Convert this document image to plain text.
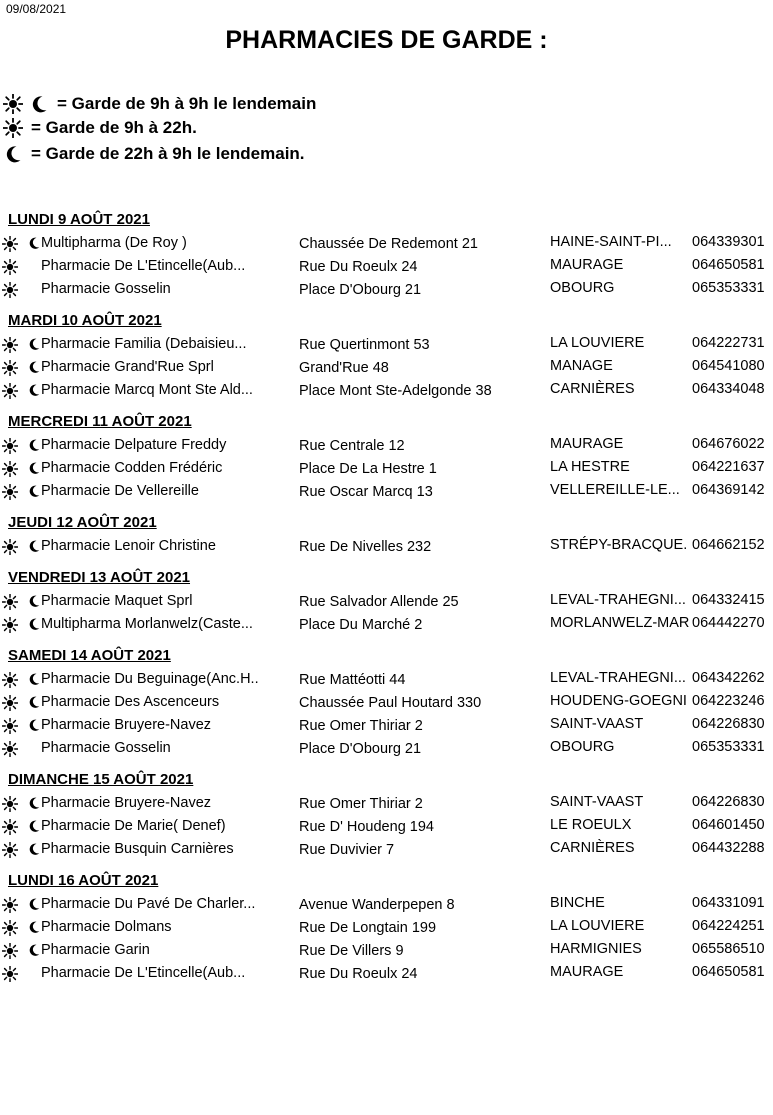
09/08/2021
PHARMACIES DE GARDE :
= Garde de 9h à 9h le lendemain
= Garde de 9h à 22h.
= Garde de 22h à 9h le lendemain.
LUNDI 9 AOÛT 2021
Multipharma (De Roy )	Chaussée De Redemont 21	HAINE-SAINT-PI... 064339301
Pharmacie De L'Etincelle(Aub...	Rue Du Roeulx 24	MAURAGE	064650581
Pharmacie Gosselin	Place D'Obourg 21	OBOURG	065353331
MARDI 10 AOÛT 2021
Pharmacie Familia (Debaisieu...	Rue Quertinmont 53	LA LOUVIERE	064222731
Pharmacie Grand'Rue Sprl	Grand'Rue 48	MANAGE	064541080
Pharmacie Marcq Mont Ste Ald...	Place Mont Ste-Adelgonde 38	CARNIÈRES	064334048
MERCREDI 11 AOÛT 2021
Pharmacie Delpature Freddy	Rue Centrale 12	MAURAGE	064676022
Pharmacie Codden Frédéric	Place De La Hestre 1	LA HESTRE	064221637
Pharmacie De Vellereille	Rue Oscar Marcq 13	VELLEREILLE-LE... 064369142
JEUDI 12 AOÛT 2021
Pharmacie Lenoir Christine	Rue De Nivelles 232	STRÉPY-BRACQUE. 064662152
VENDREDI 13 AOÛT 2021
Pharmacie Maquet Sprl	Rue Salvador Allende 25	LEVAL-TRAHEGNI... 064332415
Multipharma Morlanwelz(Caste...	Place Du Marché 2	MORLANWELZ-MAR 064442270
SAMEDI 14 AOÛT 2021
Pharmacie Du Beguinage(Anc.H..	Rue Mattéotti 44	LEVAL-TRAHEGNI... 064342262
Pharmacie Des Ascenceurs	Chaussée Paul Houtard 330	HOUDENG-GOEGNI 064223246
Pharmacie Bruyere-Navez	Rue Omer Thiriar 2	SAINT-VAAST	064226830
Pharmacie Gosselin	Place D'Obourg 21	OBOURG	065353331
DIMANCHE 15 AOÛT 2021
Pharmacie Bruyere-Navez	Rue Omer Thiriar 2	SAINT-VAAST	064226830
Pharmacie De Marie( Denef)	Rue D' Houdeng 194	LE ROEULX	064601450
Pharmacie Busquin Carnières	Rue Duvivier 7	CARNIÈRES	064432288
LUNDI 16 AOÛT 2021
Pharmacie Du Pavé De Charler...	Avenue Wanderpepen 8	BINCHE	064331091
Pharmacie Dolmans	Rue De Longtain 199	LA LOUVIERE	064224251
Pharmacie Garin	Rue De Villers 9	HARMIGNIES	065586510
Pharmacie De L'Etincelle(Aub...	Rue Du Roeulx 24	MAURAGE	064650581
